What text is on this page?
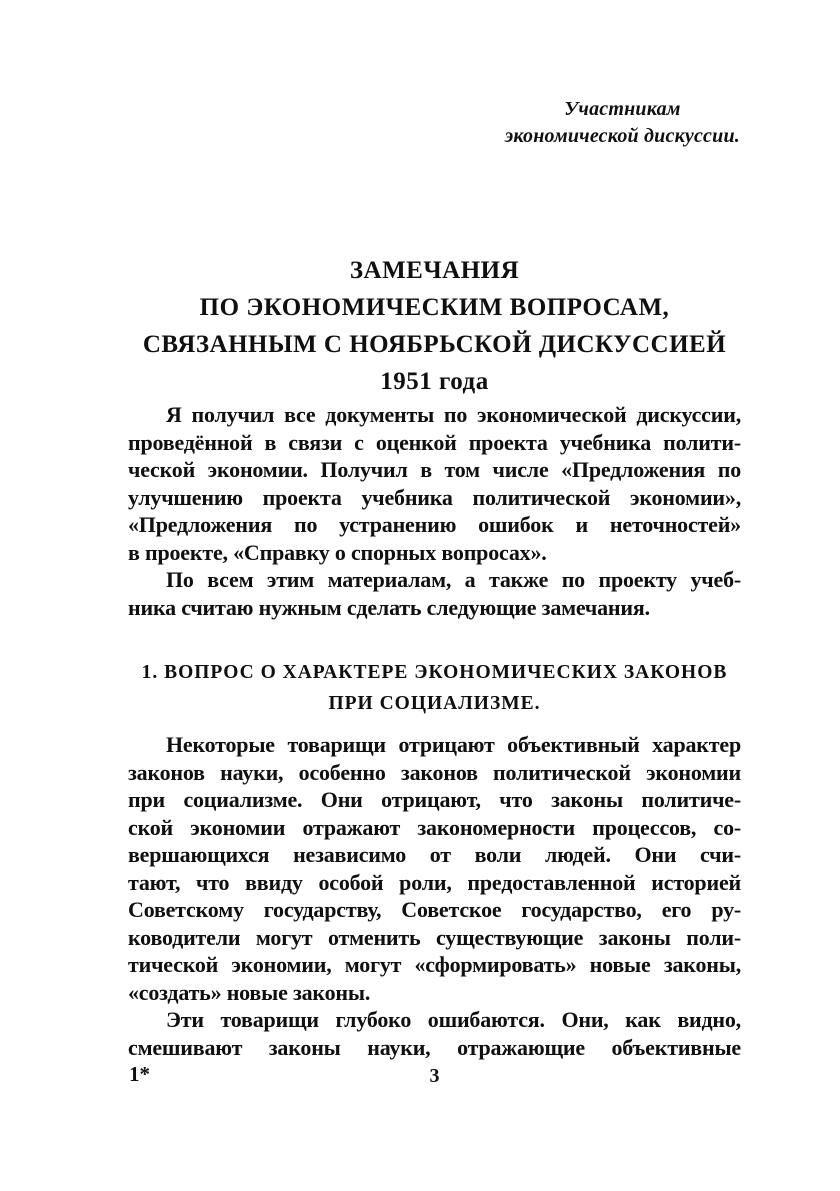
Участникам
экономической дискуссии.
ЗАМЕЧАНИЯ
ПО ЭКОНОМИЧЕСКИМ ВОПРОСАМ,
СВЯЗАННЫМ С НОЯБРЬСКОЙ ДИСКУССИЕЙ
1951 года
Я получил все документы по экономической дискуссии,
проведённой в связи с оценкой проекта учебника полити-
ческой экономии. Получил в том числе «Предложения по
улучшению проекта учебника политической экономии»,
«Предложения по устранению ошибок и неточностей»
в проекте, «Справку о спорных вопросах».
По всем этим материалам, а также по проекту учеб-
ника считаю нужным сделать следующие замечания.
1. ВОПРОС О ХАРАКТЕРЕ ЭКОНОМИЧЕСКИХ ЗАКОНОВ
ПРИ СОЦИАЛИЗМЕ.
Некоторые товарищи отрицают объективный характер
законов науки, особенно законов политической экономии
при социализме. Они отрицают, что законы политиче-
ской экономии отражают закономерности процессов, со-
вершающихся независимо от воли людей. Они счи-
тают, что ввиду особой роли, предоставленной историей
Советскому государству, Советское государство, его ру-
ководители могут отменить существующие законы поли-
тической экономии, могут «сформировать» новые законы,
«создать» новые законы.
Эти товарищи глубоко ошибаются. Они, как видно,
смешивают законы науки, отражающие объективные
1*	3
